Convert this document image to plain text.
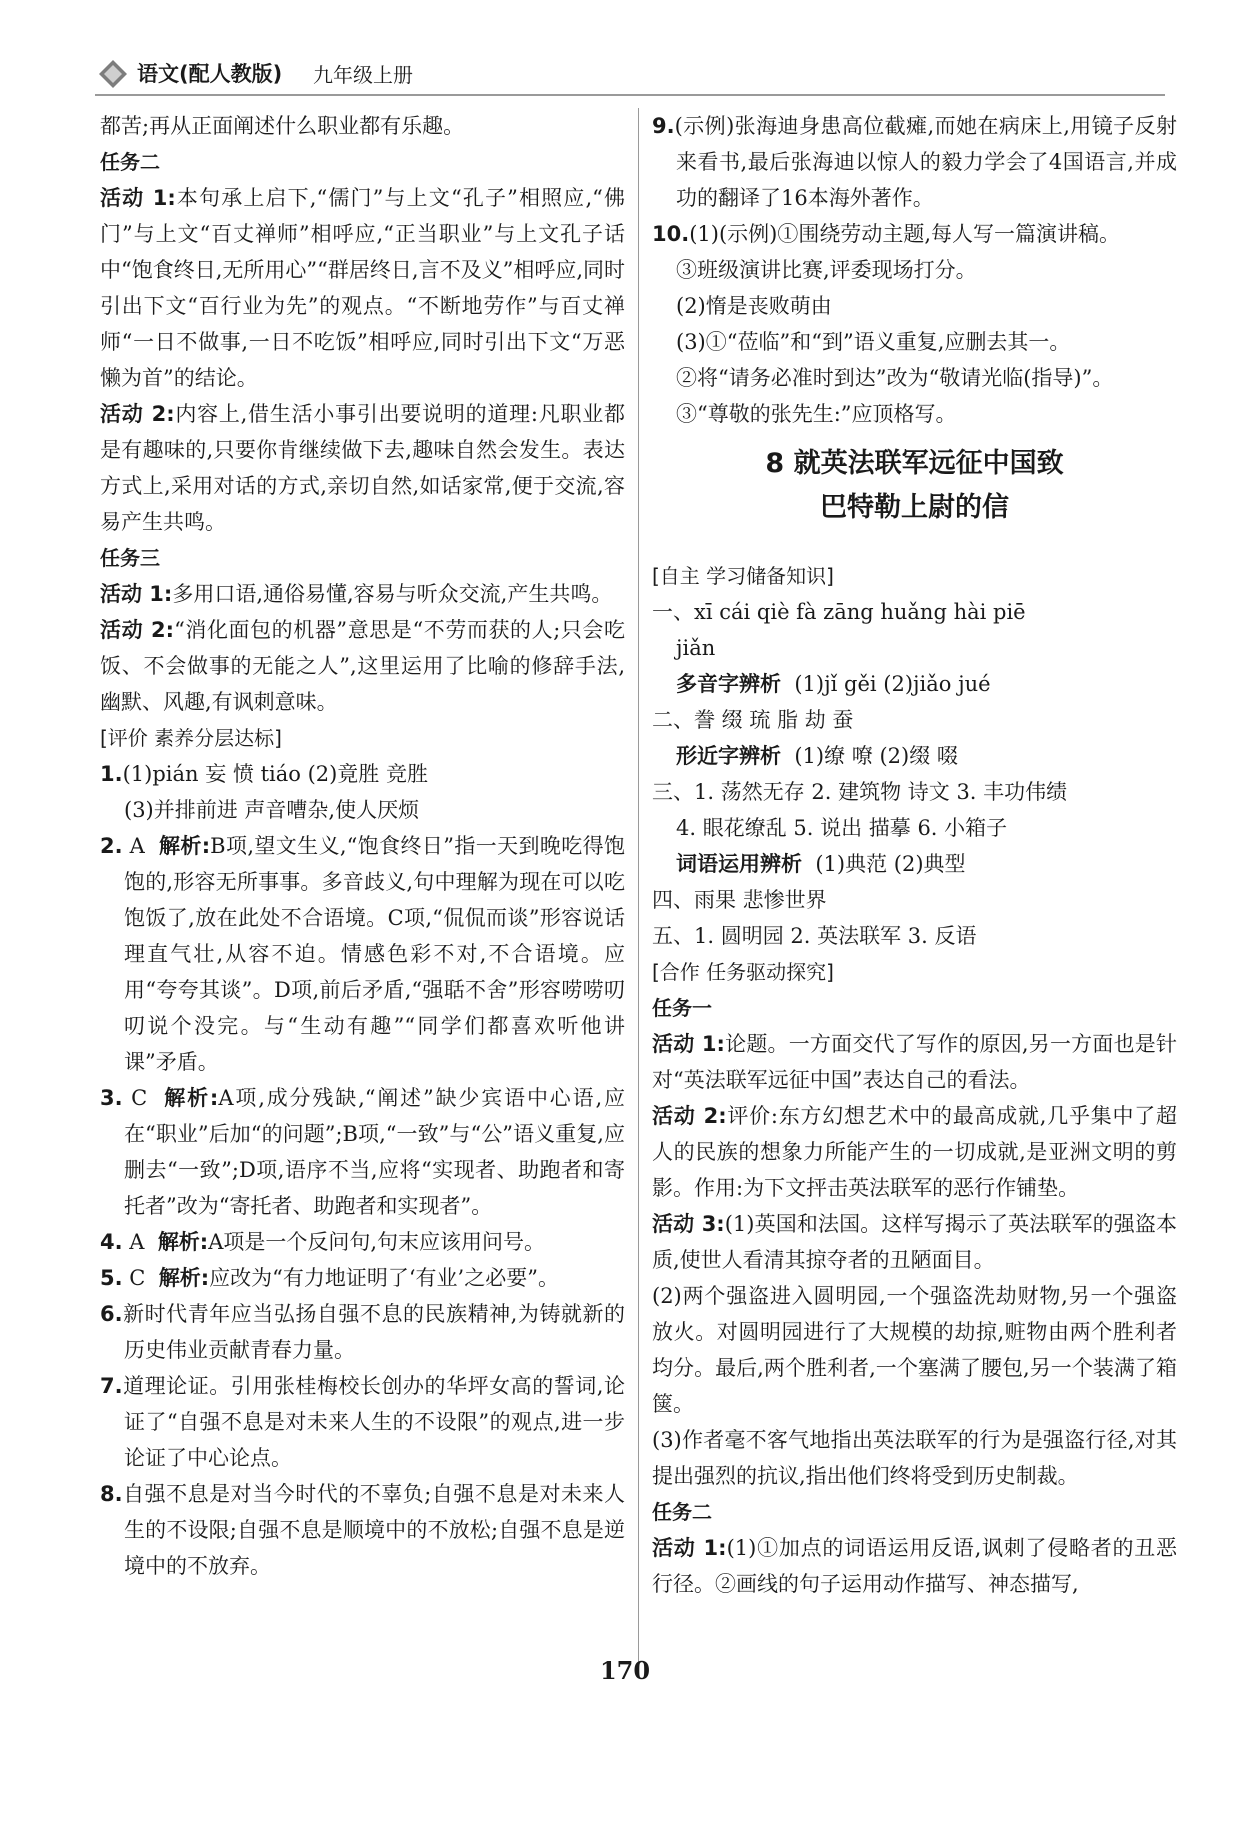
语文(配人教版) 九年级上册

都苦;再从正面阐述什么职业都有乐趣。

任务二

活动 1:本句承上启下,“儒门”与上文“孔子”相照应,“佛门”与上文“百丈禅师”相呼应,“正当职业”与上文孔子话中“饱食终日,无所用心”“群居终日,言不及义”相呼应,同时引出下文“百行业为先”的观点。“不断地劳作”与百丈禅师“一日不做事,一日不吃饭”相呼应,同时引出下文“万恶懒为首”的结论。

活动 2:内容上,借生活小事引出要说明的道理:凡职业都是有趣味的,只要你肯继续做下去,趣味自然会发生。表达方式上,采用对话的方式,亲切自然,如话家常,便于交流,容易产生共鸣。

任务三

活动 1:多用口语,通俗易懂,容易与听众交流,产生共鸣。

活动 2:“消化面包的机器”意思是“不劳而获的人;只会吃饭、不会做事的无能之人”,这里运用了比喻的修辞手法,幽默、风趣,有讽刺意味。

[评价 素养分层达标]

1.(1)pián 妄 愤 tiáo (2)竟胜 竞胜

(3)并排前进 声音嘈杂,使人厌烦

2. A 解析:B项,望文生义,“饱食终日”指一天到晚吃得饱饱的,形容无所事事。多音歧义,句中理解为现在可以吃饱饭了,放在此处不合语境。C项,“侃侃而谈”形容说话理直气壮,从容不迫。情感色彩不对,不合语境。应用“夸夸其谈”。D项,前后矛盾,“强聒不舍”形容唠唠叨叨说个没完。与“生动有趣”“同学们都喜欢听他讲课”矛盾。

3. C 解析:A项,成分残缺,“阐述”缺少宾语中心语,应在“职业”后加“的问题”;B项,“一致”与“公”语义重复,应删去“一致”;D项,语序不当,应将“实现者、助跑者和寄托者”改为“寄托者、助跑者和实现者”。

4. A 解析:A项是一个反问句,句末应该用问号。

5. C 解析:应改为“有力地证明了‘有业’之必要”。

6.新时代青年应当弘扬自强不息的民族精神,为铸就新的历史伟业贡献青春力量。

7.道理论证。引用张桂梅校长创办的华坪女高的誓词,论证了“自强不息是对未来人生的不设限”的观点,进一步论证了中心论点。

8.自强不息是对当今时代的不辜负;自强不息是对未来人生的不设限;自强不息是顺境中的不放松;自强不息是逆境中的不放弃。

9.(示例)张海迪身患高位截瘫,而她在病床上,用镜子反射来看书,最后张海迪以惊人的毅力学会了4国语言,并成功的翻译了16本海外著作。

10.(1)(示例)①围绕劳动主题,每人写一篇演讲稿。

③班级演讲比赛,评委现场打分。

(2)惰是丧败萌由

(3)①“莅临”和“到”语义重复,应删去其一。

②将“请务必准时到达”改为“敬请光临(指导)”。

③“尊敬的张先生:”应顶格写。

8 就英法联军远征中国致
巴特勒上尉的信

[自主 学习储备知识]

一、xī cái qiè fà zāng huǎng hài piē

jiǎn

多音字辨析 (1)jǐ gěi (2)jiǎo jué

二、誊 缀 琉 脂 劫 蚕

形近字辨析 (1)缭 嘹 (2)缀 啜

三、1. 荡然无存 2. 建筑物 诗文 3. 丰功伟绩

4. 眼花缭乱 5. 说出 描摹 6. 小箱子

词语运用辨析 (1)典范 (2)典型

四、雨果 悲惨世界

五、1. 圆明园 2. 英法联军 3. 反语

[合作 任务驱动探究]

任务一

活动 1:论题。一方面交代了写作的原因,另一方面也是针对“英法联军远征中国”表达自己的看法。

活动 2:评价:东方幻想艺术中的最高成就,几乎集中了超人的民族的想象力所能产生的一切成就,是亚洲文明的剪影。作用:为下文抨击英法联军的恶行作铺垫。

活动 3:(1)英国和法国。这样写揭示了英法联军的强盗本质,使世人看清其掠夺者的丑陋面目。

(2)两个强盗进入圆明园,一个强盗洗劫财物,另一个强盗放火。对圆明园进行了大规模的劫掠,赃物由两个胜利者均分。最后,两个胜利者,一个塞满了腰包,另一个装满了箱箧。

(3)作者毫不客气地指出英法联军的行为是强盗行径,对其提出强烈的抗议,指出他们终将受到历史制裁。

任务二

活动 1:(1)①加点的词语运用反语,讽刺了侵略者的丑恶行径。②画线的句子运用动作描写、神态描写,

170
